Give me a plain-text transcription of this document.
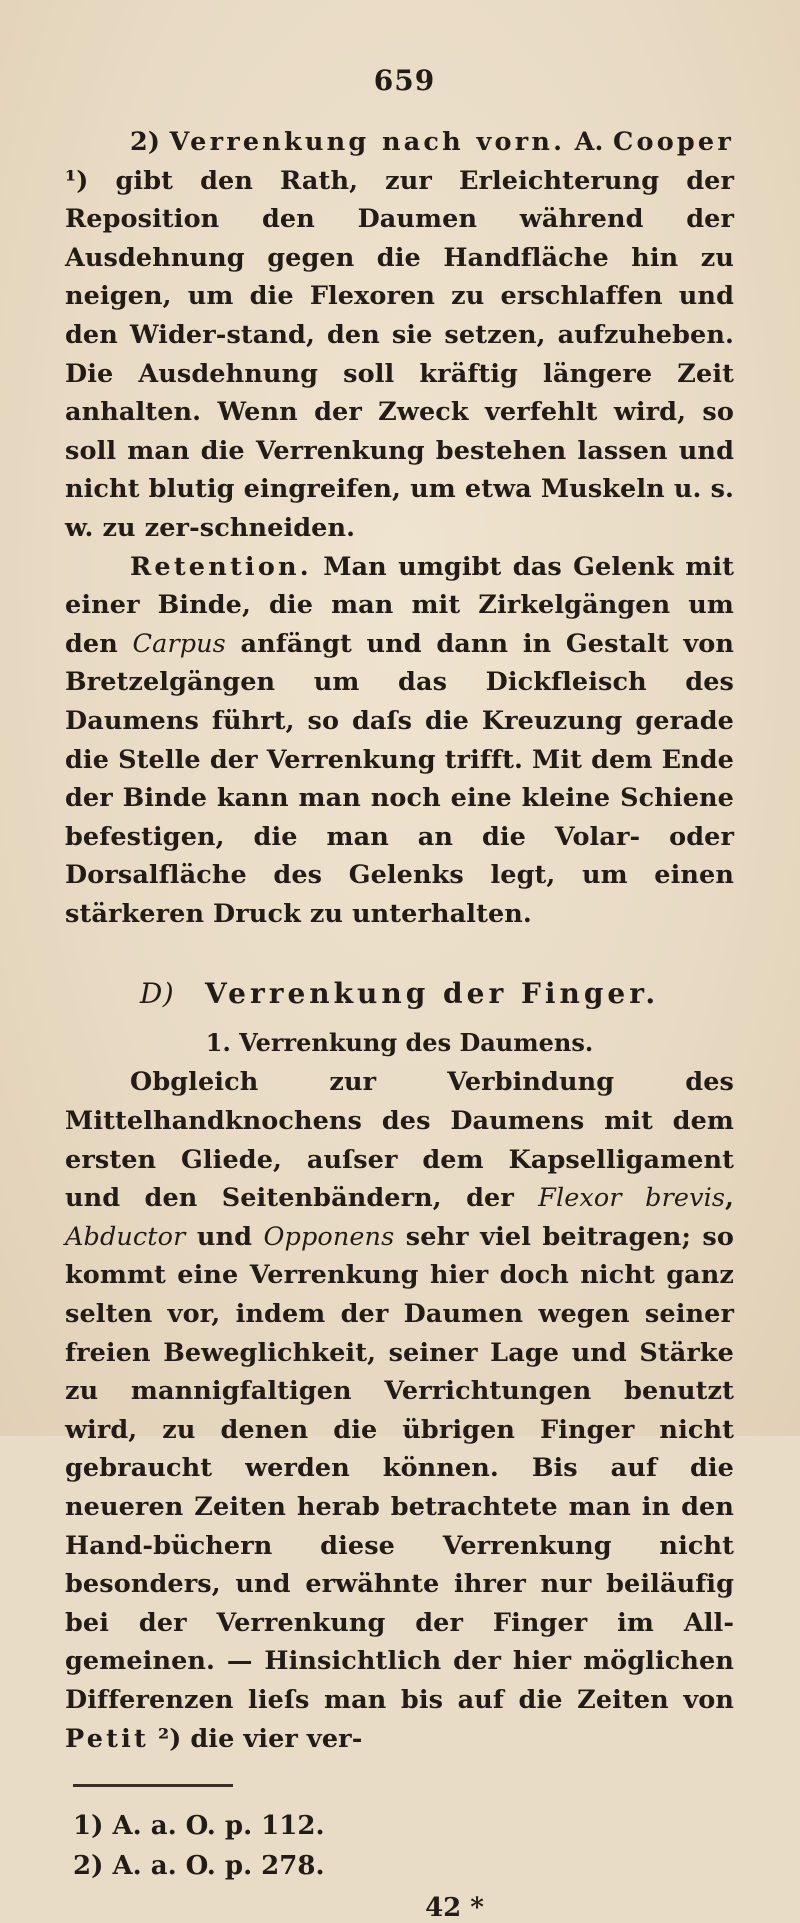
659

2) Verrenkung nach vorn. A. Cooper ¹) gibt den Rath, zur Erleichterung der Reposition den Daumen während der Ausdehnung gegen die Handfläche hin zu neigen, um die Flexoren zu erschlaffen und den Wider-stand, den sie setzen, aufzuheben. Die Ausdehnung soll kräftig längere Zeit anhalten. Wenn der Zweck verfehlt wird, so soll man die Verrenkung bestehen lassen und nicht blutig eingreifen, um etwa Muskeln u. s. w. zu zer-schneiden.

Retention. Man umgibt das Gelenk mit einer Binde, die man mit Zirkelgängen um den Carpus anfängt und dann in Gestalt von Bretzelgängen um das Dickfleisch des Daumens führt, so daſs die Kreuzung gerade die Stelle der Verrenkung trifft. Mit dem Ende der Binde kann man noch eine kleine Schiene befestigen, die man an die Volar- oder Dorsalfläche des Gelenks legt, um einen stärkeren Druck zu unterhalten.

D) Verrenkung der Finger.
1. Verrenkung des Daumens.

Obgleich zur Verbindung des Mittelhandknochens des Daumens mit dem ersten Gliede, auſser dem Kapselligament und den Seitenbändern, der Flexor brevis, Abductor und Opponens sehr viel beitragen; so kommt eine Verrenkung hier doch nicht ganz selten vor, indem der Daumen wegen seiner freien Beweglichkeit, seiner Lage und Stärke zu mannigfaltigen Verrichtungen benutzt wird, zu denen die übrigen Finger nicht gebraucht werden können. Bis auf die neueren Zeiten herab betrachtete man in den Hand-büchern diese Verrenkung nicht besonders, und erwähnte ihrer nur beiläufig bei der Verrenkung der Finger im All-gemeinen. — Hinsichtlich der hier möglichen Differenzen lieſs man bis auf die Zeiten von Petit ²) die vier ver-

1) A. a. O. p. 112.
2) A. a. O. p. 278.
42 *
